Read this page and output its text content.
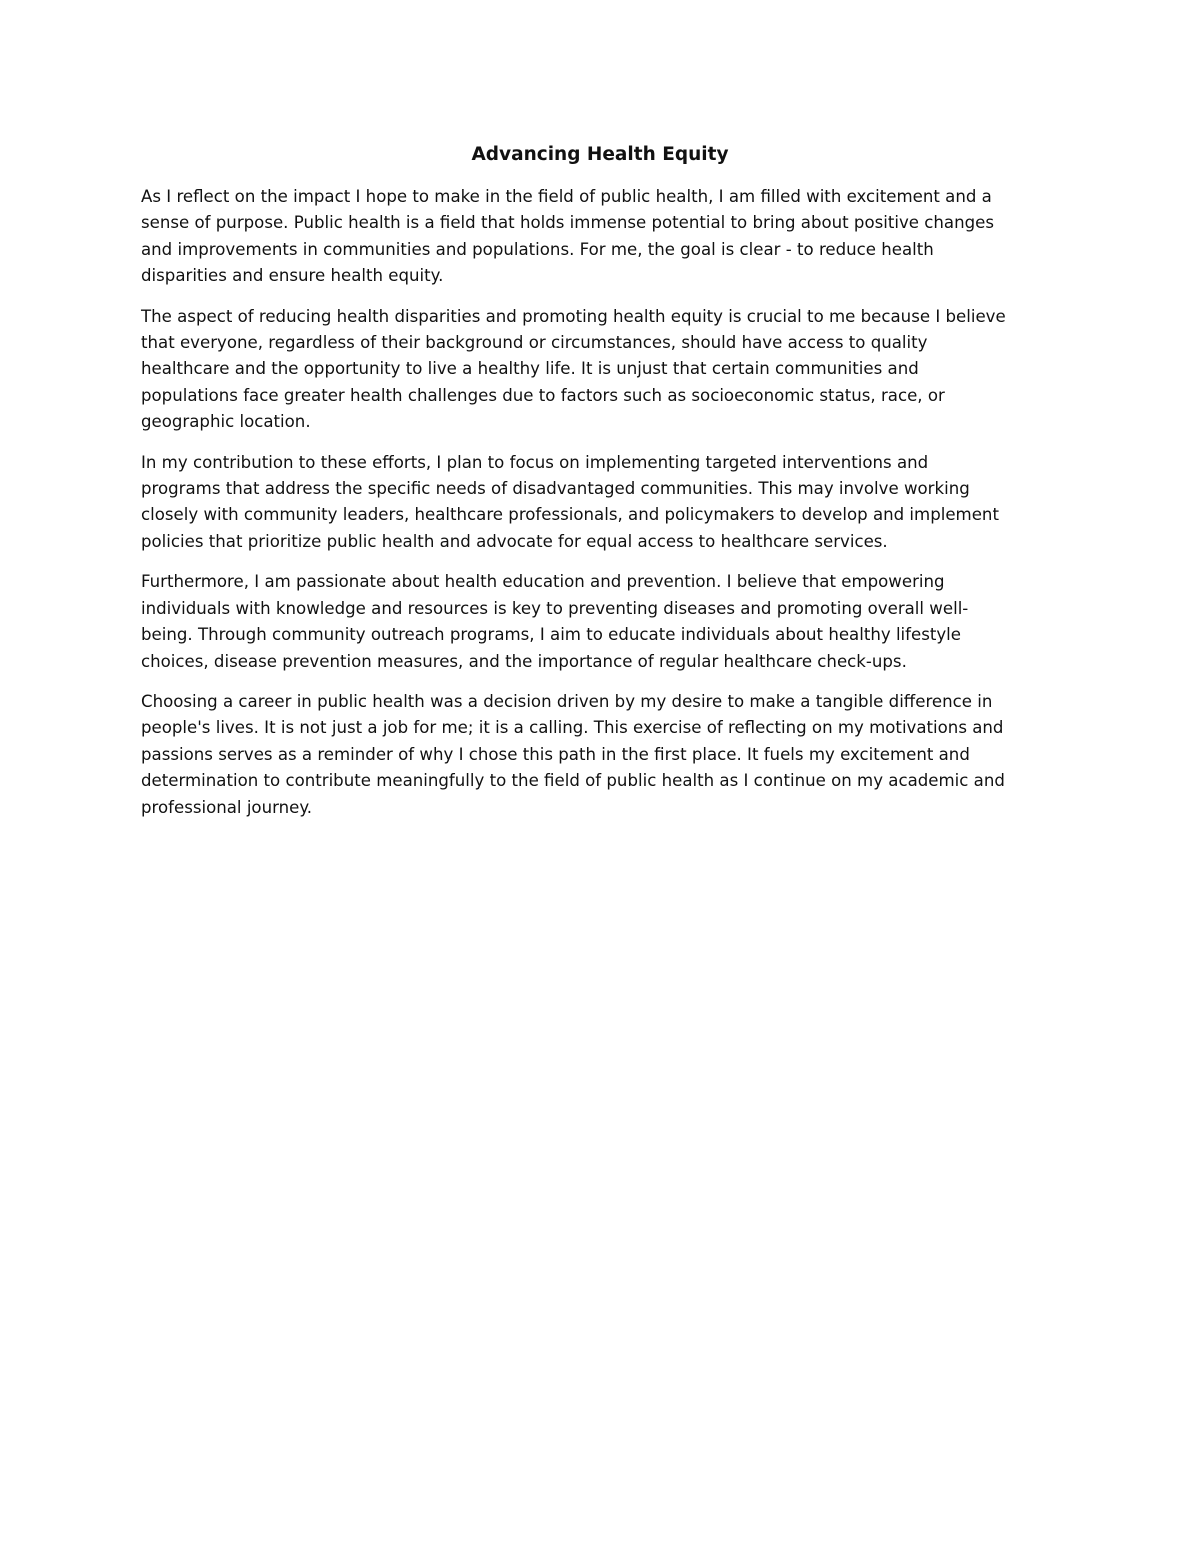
Advancing Health Equity

As I reflect on the impact I hope to make in the field of public health, I am filled with excitement and a
sense of purpose. Public health is a field that holds immense potential to bring about positive changes
and improvements in communities and populations. For me, the goal is clear - to reduce health
disparities and ensure health equity.

The aspect of reducing health disparities and promoting health equity is crucial to me because I believe
that everyone, regardless of their background or circumstances, should have access to quality
healthcare and the opportunity to live a healthy life. It is unjust that certain communities and
populations face greater health challenges due to factors such as socioeconomic status, race, or
geographic location.

In my contribution to these efforts, I plan to focus on implementing targeted interventions and
programs that address the specific needs of disadvantaged communities. This may involve working
closely with community leaders, healthcare professionals, and policymakers to develop and implement
policies that prioritize public health and advocate for equal access to healthcare services.

Furthermore, I am passionate about health education and prevention. I believe that empowering
individuals with knowledge and resources is key to preventing diseases and promoting overall well-
being. Through community outreach programs, I aim to educate individuals about healthy lifestyle
choices, disease prevention measures, and the importance of regular healthcare check-ups.

Choosing a career in public health was a decision driven by my desire to make a tangible difference in
people's lives. It is not just a job for me; it is a calling. This exercise of reflecting on my motivations and
passions serves as a reminder of why I chose this path in the first place. It fuels my excitement and
determination to contribute meaningfully to the field of public health as I continue on my academic and
professional journey.
